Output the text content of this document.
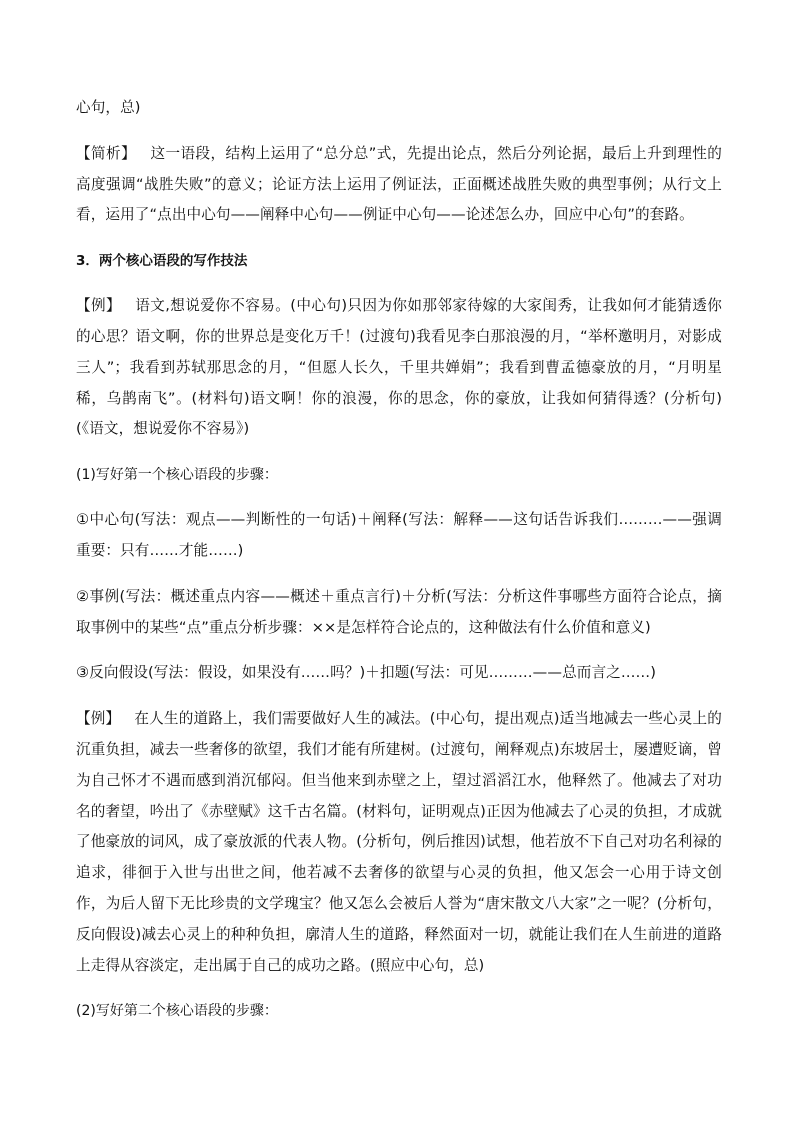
心句，总)

【简析】 这一语段，结构上运用了“总分总”式，先提出论点，然后分列论据，最后上升到理性的高度强调“战胜失败”的意义；论证方法上运用了例证法，正面概述战胜失败的典型事例；从行文上看，运用了“点出中心句——阐释中心句——例证中心句——论述怎么办，回应中心句”的套路。

3．两个核心语段的写作技法

【例】 语文,想说爱你不容易。(中心句)只因为你如那邻家待嫁的大家闺秀，让我如何才能猜透你的心思？语文啊，你的世界总是变化万千！(过渡句)我看见李白那浪漫的月，“举杯邀明月，对影成三人”；我看到苏轼那思念的月，“但愿人长久，千里共婵娟”；我看到曹孟德豪放的月，“月明星稀，乌鹊南飞”。(材料句)语文啊！你的浪漫，你的思念，你的豪放，让我如何猜得透？(分析句)(《语文，想说爱你不容易》)

(1)写好第一个核心语段的步骤：

①中心句(写法：观点——判断性的一句话)＋阐释(写法：解释——这句话告诉我们………——强调重要：只有……才能……)

②事例(写法：概述重点内容——概述＋重点言行)＋分析(写法：分析这件事哪些方面符合论点，摘取事例中的某些“点”重点分析步骤：××是怎样符合论点的，这种做法有什么价值和意义)

③反向假设(写法：假设，如果没有……吗？)＋扣题(写法：可见………——总而言之……)

【例】 在人生的道路上，我们需要做好人生的减法。(中心句，提出观点)适当地减去一些心灵上的沉重负担，减去一些奢侈的欲望，我们才能有所建树。(过渡句，阐释观点)东坡居士，屡遭贬谪，曾为自己怀才不遇而感到消沉郁闷。但当他来到赤壁之上，望过滔滔江水，他释然了。他减去了对功名的奢望，吟出了《赤壁赋》这千古名篇。(材料句，证明观点)正因为他减去了心灵的负担，才成就了他豪放的词风，成了豪放派的代表人物。(分析句，例后推因)试想，他若放不下自己对功名利禄的追求，徘徊于入世与出世之间，他若减不去奢侈的欲望与心灵的负担，他又怎会一心用于诗文创作，为后人留下无比珍贵的文学瑰宝？他又怎么会被后人誉为“唐宋散文八大家”之一呢？(分析句，反向假设)减去心灵上的种种负担，廓清人生的道路，释然面对一切，就能让我们在人生前进的道路上走得从容淡定，走出属于自己的成功之路。(照应中心句，总)

(2)写好第二个核心语段的步骤：
